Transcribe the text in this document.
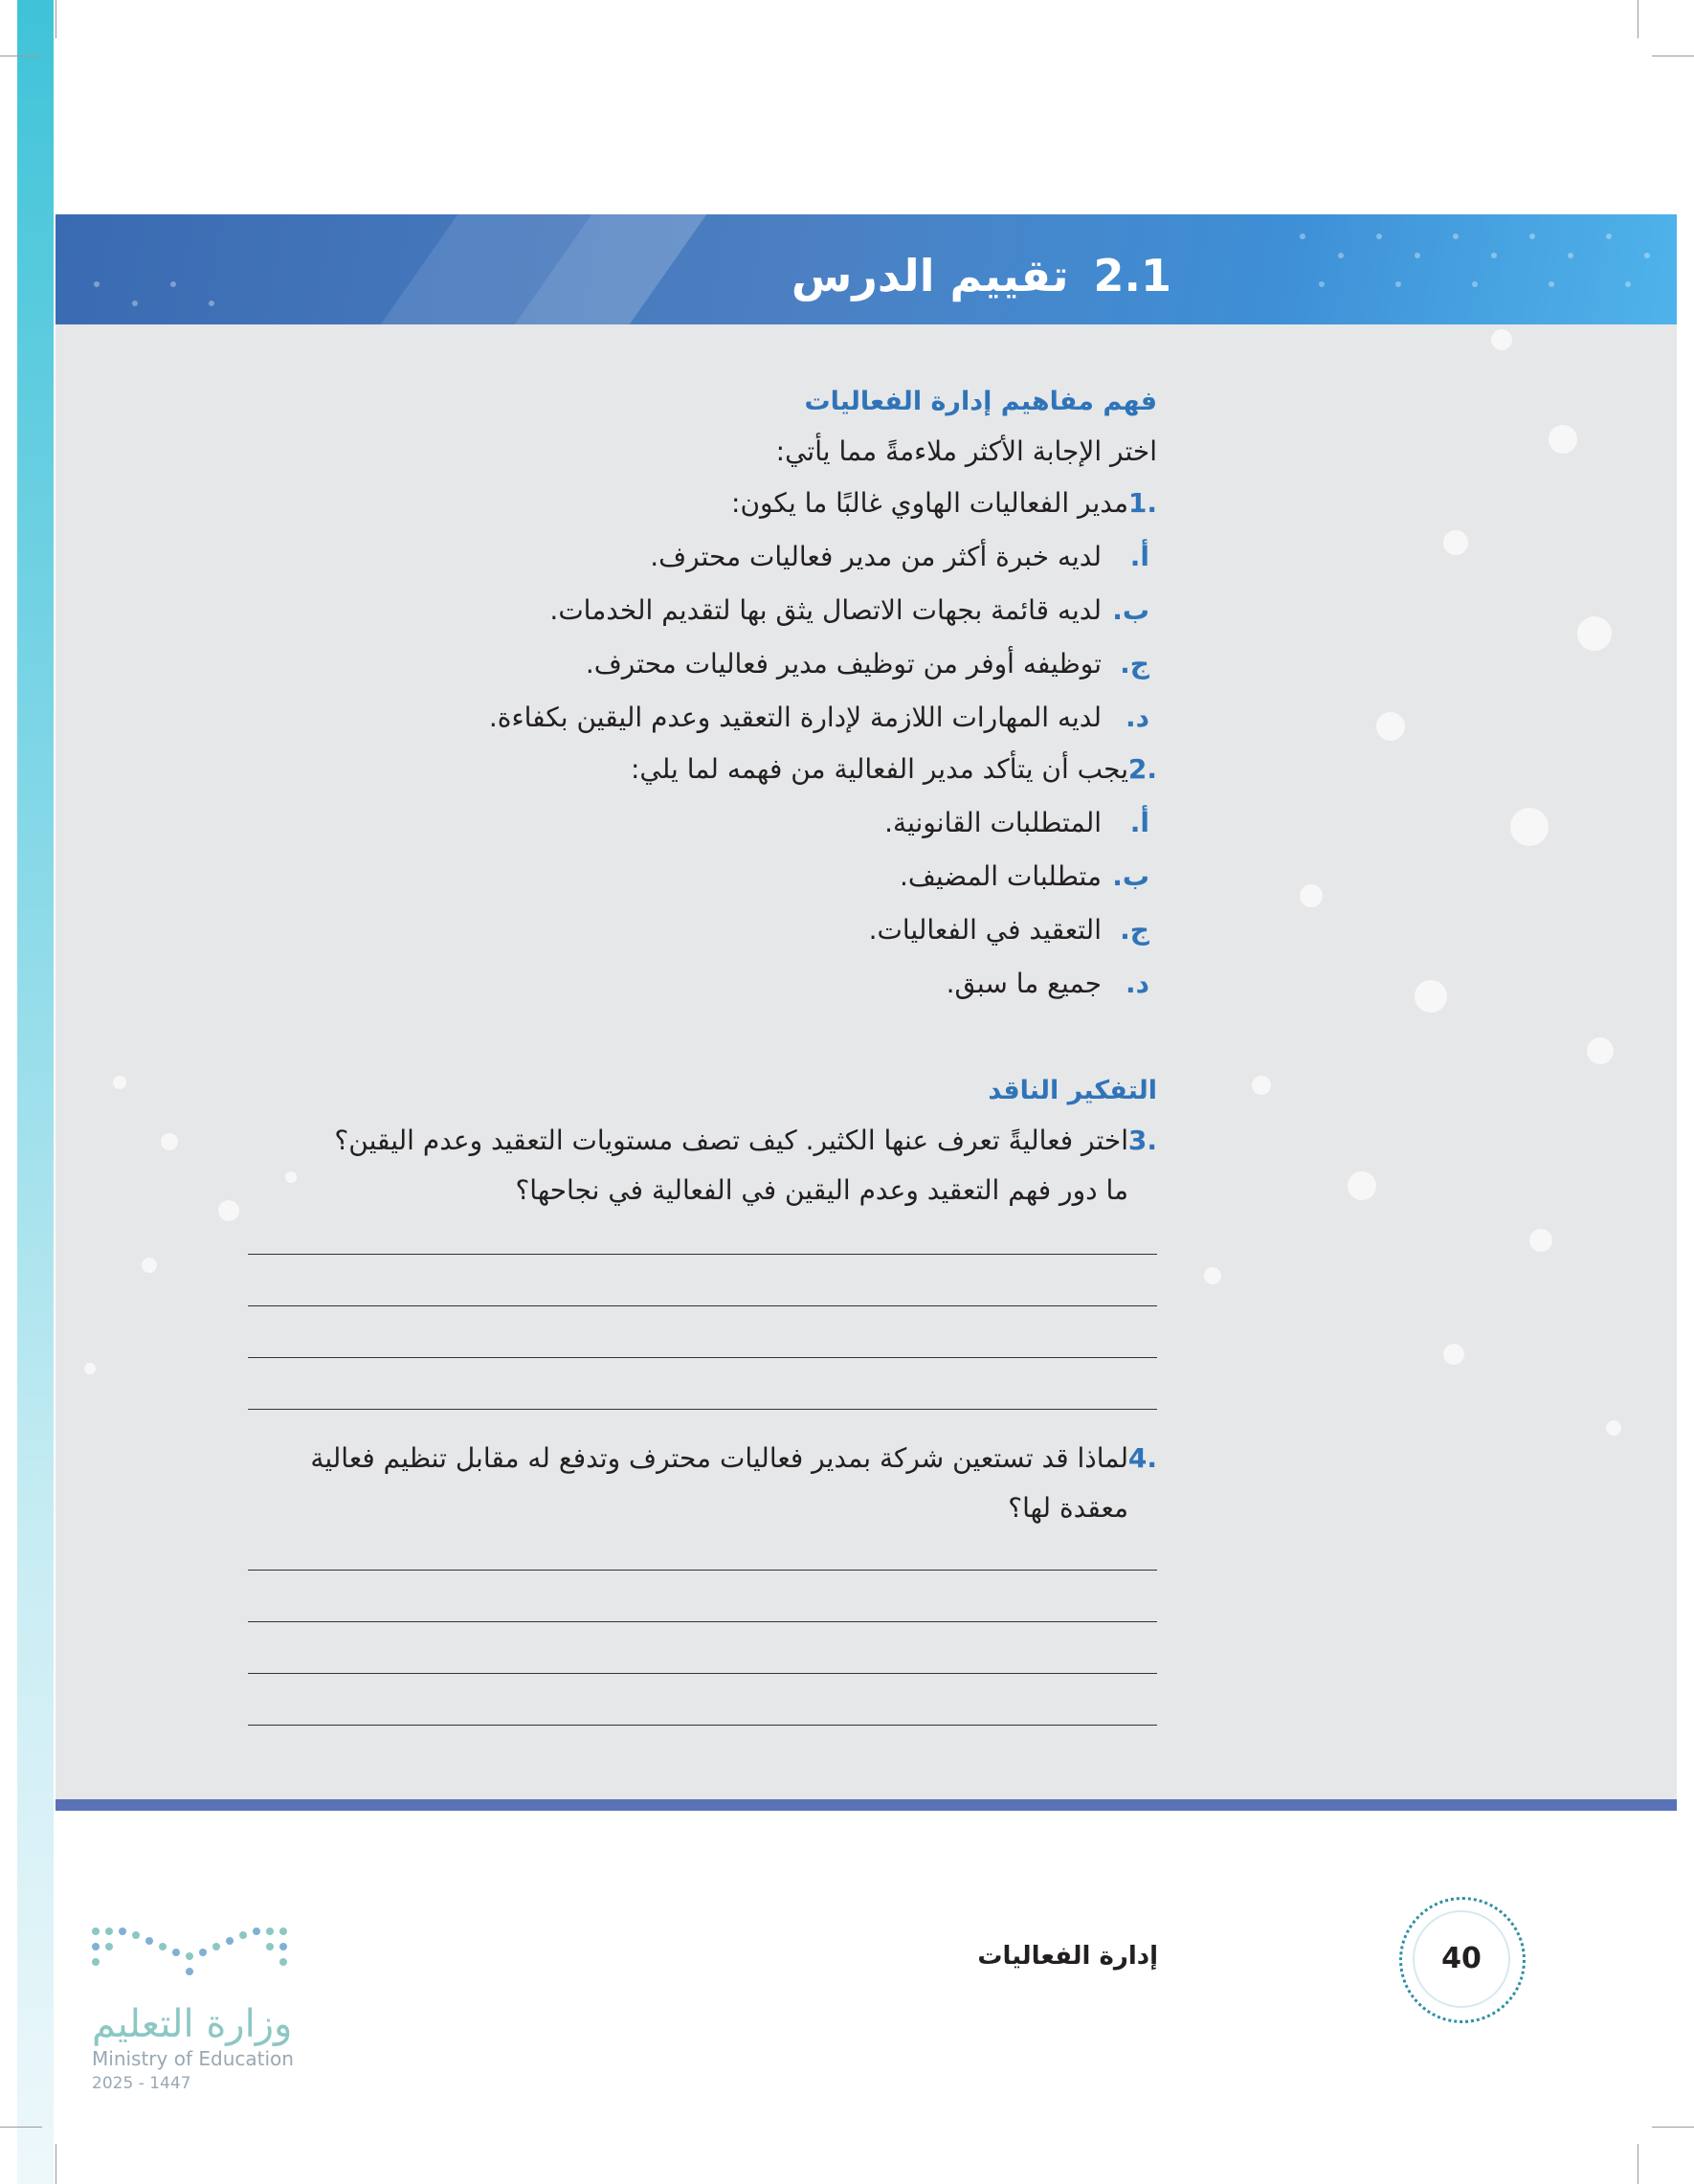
2.1تقييم الدرس
فهم مفاهيم إدارة الفعاليات

اختر الإجابة الأكثر ملاءمةً مما يأتي:

.1
مدير الفعاليات الهاوي غالبًا ما يكون:
أ.
لديه خبرة أكثر من مدير فعاليات محترف.
ب.
لديه قائمة بجهات الاتصال يثق بها لتقديم الخدمات.
ج.
توظيفه أوفر من توظيف مدير فعاليات محترف.
د.
لديه المهارات اللازمة لإدارة التعقيد وعدم اليقين بكفاءة.
.2
يجب أن يتأكد مدير الفعالية من فهمه لما يلي:
أ.
المتطلبات القانونية.
ب.
متطلبات المضيف.
ج.
التعقيد في الفعاليات.
د.
جميع ما سبق.
التفكير الناقد
.3
اختر فعاليةً تعرف عنها الكثير. كيف تصف مستويات التعقيد وعدم اليقين؟
ما دور فهم التعقيد وعدم اليقين في الفعالية في نجاحها؟
.4
لماذا قد تستعين شركة بمدير فعاليات محترف وتدفع له مقابل تنظيم فعالية
معقدة لها؟
إدارة الفعاليات	40
وزارة التعليم
Ministry of Education
2025 - 1447
